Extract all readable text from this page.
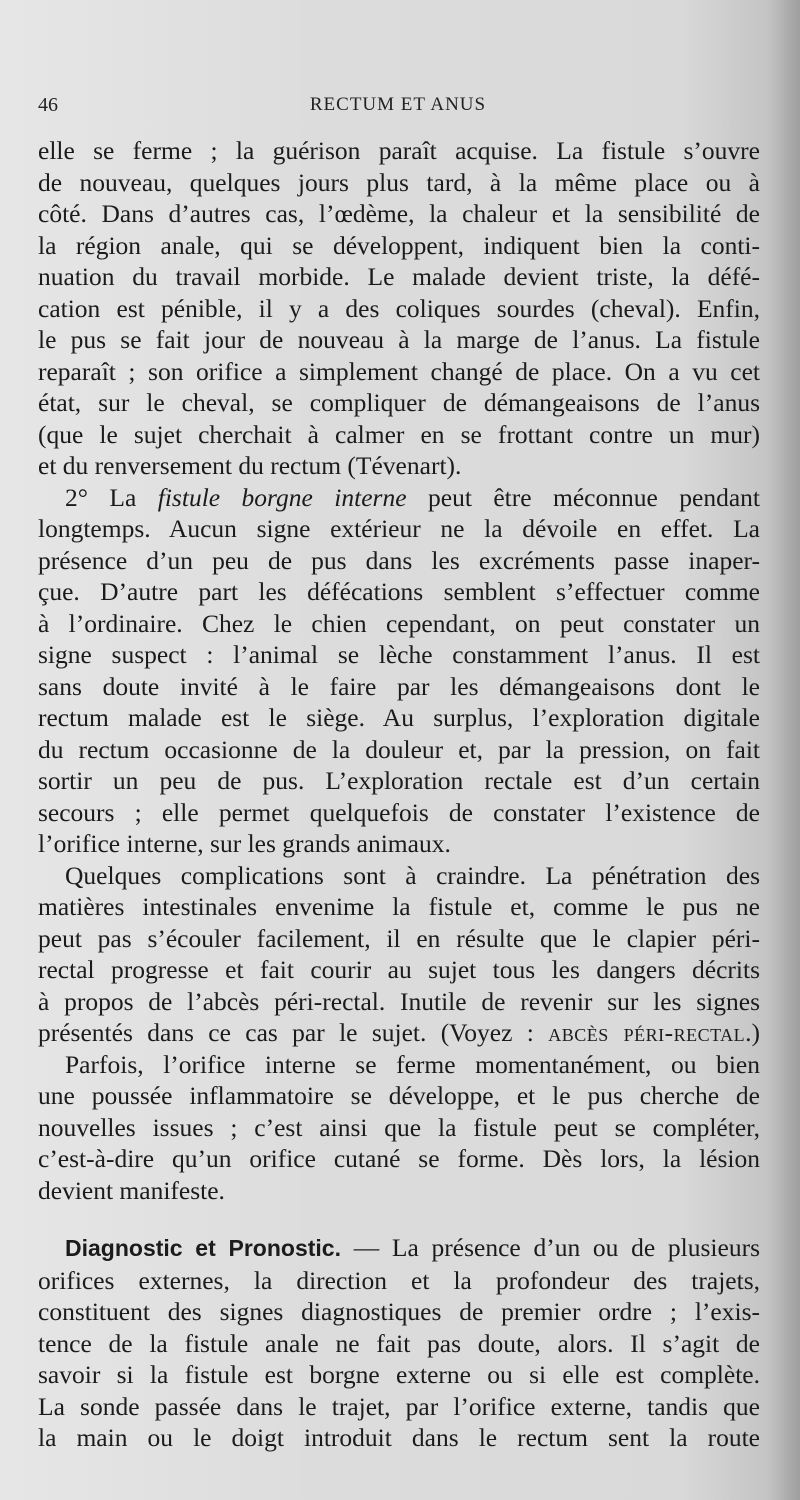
46	RECTUM ET ANUS

elle se ferme ; la guérison paraît acquise. La fistule s’ouvre

de nouveau, quelques jours plus tard, à la même place ou à

côté. Dans d’autres cas, l’œdème, la chaleur et la sensibilité de

la région anale, qui se développent, indiquent bien la conti-

nuation du travail morbide. Le malade devient triste, la défé-

cation est pénible, il y a des coliques sourdes (cheval). Enfin,

le pus se fait jour de nouveau à la marge de l’anus. La fistule

reparaît ; son orifice a simplement changé de place. On a vu cet

état, sur le cheval, se compliquer de démangeaisons de l’anus

(que le sujet cherchait à calmer en se frottant contre un mur)

et du renversement du rectum (Tévenart).

2° La fistule borgne interne peut être méconnue pendant

longtemps. Aucun signe extérieur ne la dévoile en effet. La

présence d’un peu de pus dans les excréments passe inaper-

çue. D’autre part les défécations semblent s’effectuer comme

à l’ordinaire. Chez le chien cependant, on peut constater un

signe suspect : l’animal se lèche constamment l’anus. Il est

sans doute invité à le faire par les démangeaisons dont le

rectum malade est le siège. Au surplus, l’exploration digitale

du rectum occasionne de la douleur et, par la pression, on fait

sortir un peu de pus. L’exploration rectale est d’un certain

secours ; elle permet quelquefois de constater l’existence de

l’orifice interne, sur les grands animaux.

Quelques complications sont à craindre. La pénétration des

matières intestinales envenime la fistule et, comme le pus ne

peut pas s’écouler facilement, il en résulte que le clapier péri-

rectal progresse et fait courir au sujet tous les dangers décrits

à propos de l’abcès péri-rectal. Inutile de revenir sur les signes

présentés dans ce cas par le sujet. (Voyez : abcès péri-rectal.)

Parfois, l’orifice interne se ferme momentanément, ou bien

une poussée inflammatoire se développe, et le pus cherche de

nouvelles issues ; c’est ainsi que la fistule peut se compléter,

c’est-à-dire qu’un orifice cutané se forme. Dès lors, la lésion

devient manifeste.

Diagnostic et Pronostic. — La présence d’un ou de plusieurs

orifices externes, la direction et la profondeur des trajets,

constituent des signes diagnostiques de premier ordre ; l’exis-

tence de la fistule anale ne fait pas doute, alors. Il s’agit de

savoir si la fistule est borgne externe ou si elle est complète.

La sonde passée dans le trajet, par l’orifice externe, tandis que

la main ou le doigt introduit dans le rectum sent la route
